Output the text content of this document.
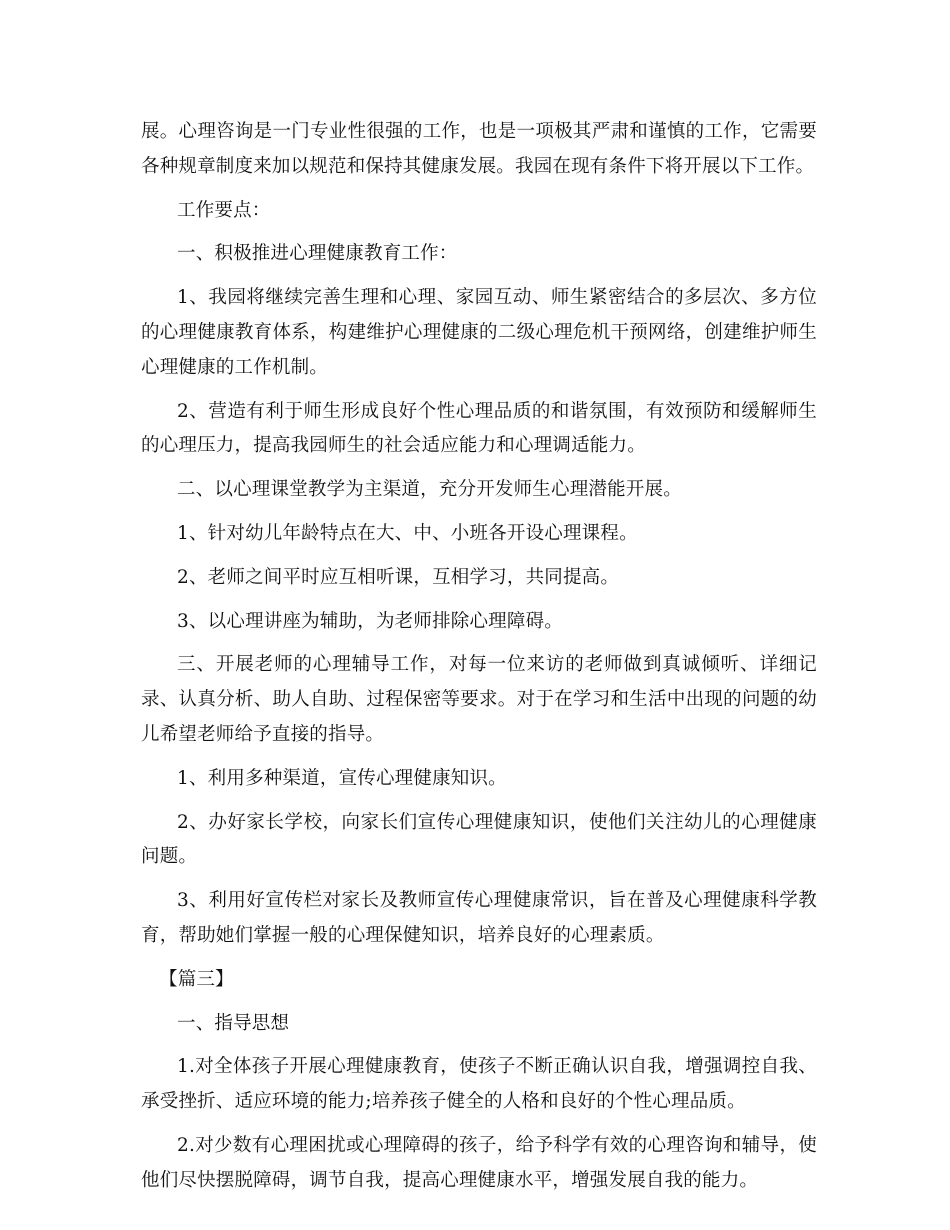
展。心理咨询是一门专业性很强的工作，也是一项极其严肃和谨慎的工作，它需要各种规章制度来加以规范和保持其健康发展。我园在现有条件下将开展以下工作。

工作要点：

一、积极推进心理健康教育工作：

1、我园将继续完善生理和心理、家园互动、师生紧密结合的多层次、多方位的心理健康教育体系，构建维护心理健康的二级心理危机干预网络，创建维护师生心理健康的工作机制。

2、营造有利于师生形成良好个性心理品质的和谐氛围，有效预防和缓解师生的心理压力，提高我园师生的社会适应能力和心理调适能力。

二、以心理课堂教学为主渠道，充分开发师生心理潜能开展。

1、针对幼儿年龄特点在大、中、小班各开设心理课程。

2、老师之间平时应互相听课，互相学习，共同提高。

3、以心理讲座为辅助，为老师排除心理障碍。

三、开展老师的心理辅导工作，对每一位来访的老师做到真诚倾听、详细记录、认真分析、助人自助、过程保密等要求。对于在学习和生活中出现的问题的幼儿希望老师给予直接的指导。

1、利用多种渠道，宣传心理健康知识。

2、办好家长学校，向家长们宣传心理健康知识，使他们关注幼儿的心理健康问题。

3、利用好宣传栏对家长及教师宣传心理健康常识，旨在普及心理健康科学教育，帮助她们掌握一般的心理保健知识，培养良好的心理素质。

【篇三】

一、指导思想

1.对全体孩子开展心理健康教育，使孩子不断正确认识自我，增强调控自我、承受挫折、适应环境的能力;培养孩子健全的人格和良好的个性心理品质。

2.对少数有心理困扰或心理障碍的孩子，给予科学有效的心理咨询和辅导，使他们尽快摆脱障碍，调节自我，提高心理健康水平，增强发展自我的能力。
